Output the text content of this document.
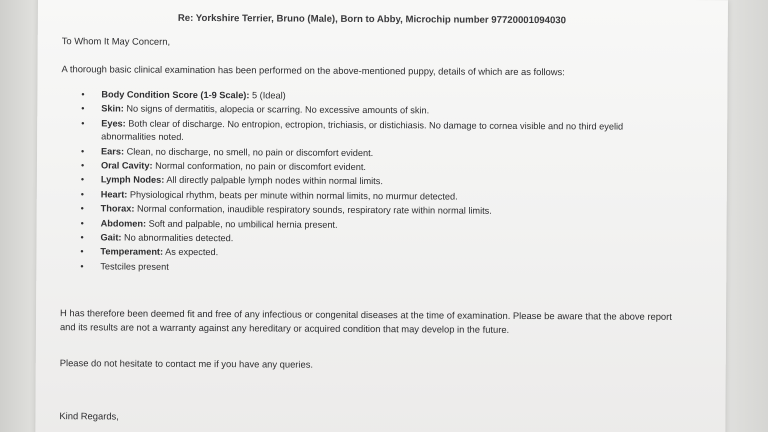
Re: Yorkshire Terrier, Bruno (Male), Born to Abby, Microchip number 97720001094030
To Whom It May Concern,
A thorough basic clinical examination has been performed on the above-mentioned puppy, details of which are as follows:
• Body Condition Score (1-9 Scale): 5 (Ideal)
• Skin: No signs of dermatitis, alopecia or scarring. No excessive amounts of skin.
• Eyes: Both clear of discharge. No entropion, ectropion, trichiasis, or distichiasis. No damage to cornea visible and no third eyelid abnormalities noted.
• Ears: Clean, no discharge, no smell, no pain or discomfort evident.
• Oral Cavity: Normal conformation, no pain or discomfort evident.
• Lymph Nodes: All directly palpable lymph nodes within normal limits.
• Heart: Physiological rhythm, beats per minute within normal limits, no murmur detected.
• Thorax: Normal conformation, inaudible respiratory sounds, respiratory rate within normal limits.
• Abdomen: Soft and palpable, no umbilical hernia present.
• Gait: No abnormalities detected.
• Temperament: As expected.
• Testciles present
H has therefore been deemed fit and free of any infectious or congenital diseases at the time of examination. Please be aware that the above report and its results are not a warranty against any hereditary or acquired condition that may develop in the future.
Please do not hesitate to contact me if you have any queries.
Kind Regards,
